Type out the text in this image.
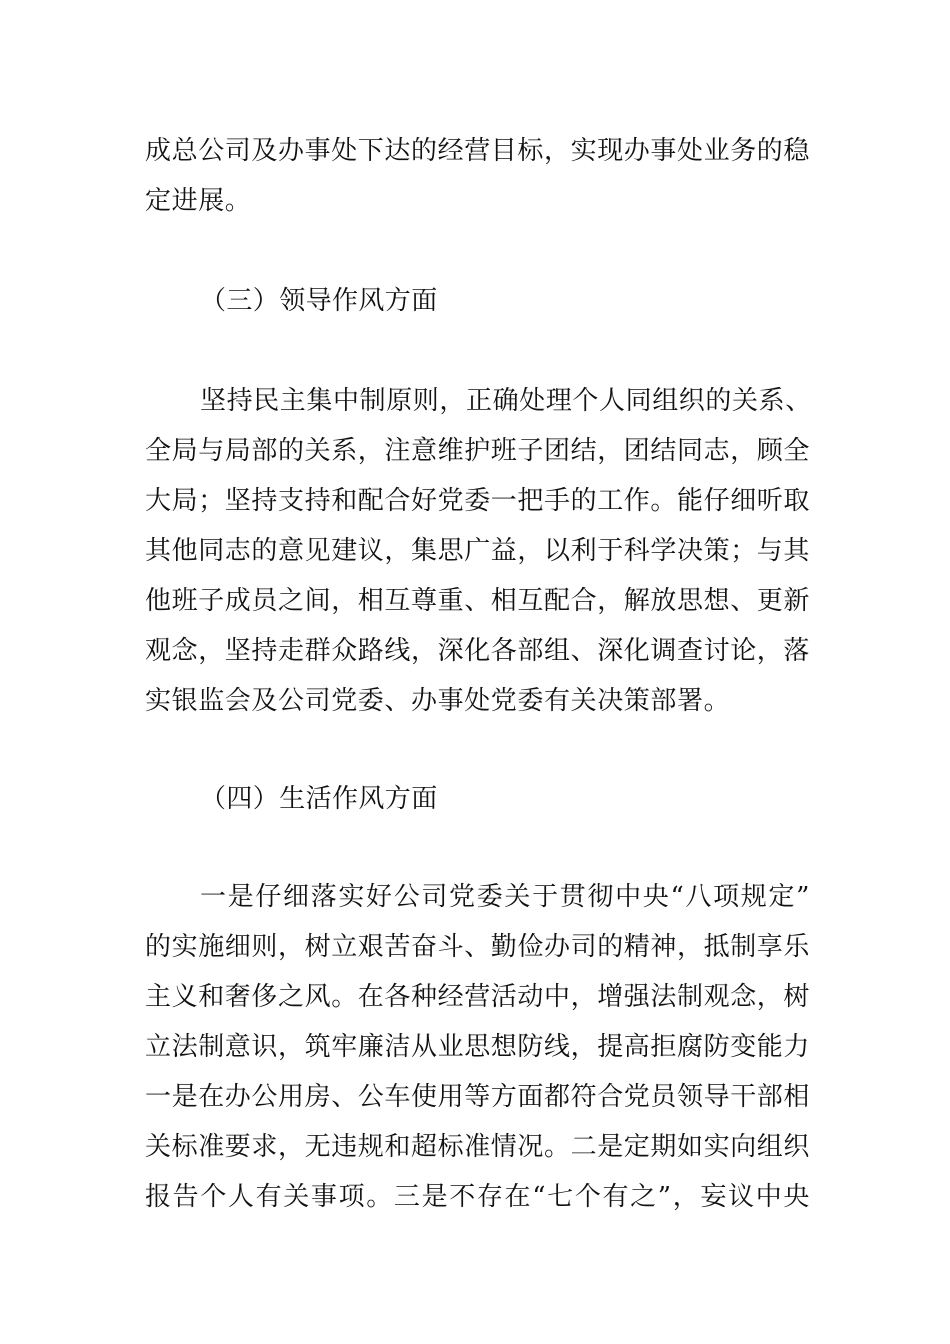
成总公司及办事处下达的经营目标，实现办事处业务的稳
定进展。
（三）领导作风方面
坚持民主集中制原则，正确处理个人同组织的关系、
全局与局部的关系，注意维护班子团结，团结同志，顾全
大局；坚持支持和配合好党委一把手的工作。能仔细听取
其他同志的意见建议，集思广益，以利于科学决策；与其
他班子成员之间，相互尊重、相互配合，解放思想、更新
观念，坚持走群众路线，深化各部组、深化调查讨论，落
实银监会及公司党委、办事处党委有关决策部署。
（四）生活作风方面
一是仔细落实好公司党委关于贯彻中央“八项规定”
的实施细则，树立艰苦奋斗、勤俭办司的精神，抵制享乐
主义和奢侈之风。在各种经营活动中，增强法制观念，树
立法制意识，筑牢廉洁从业思想防线，提高拒腐防变能力
一是在办公用房、公车使用等方面都符合党员领导干部相
关标准要求，无违规和超标准情况。二是定期如实向组织
报告个人有关事项。三是不存在“七个有之”，妄议中央
